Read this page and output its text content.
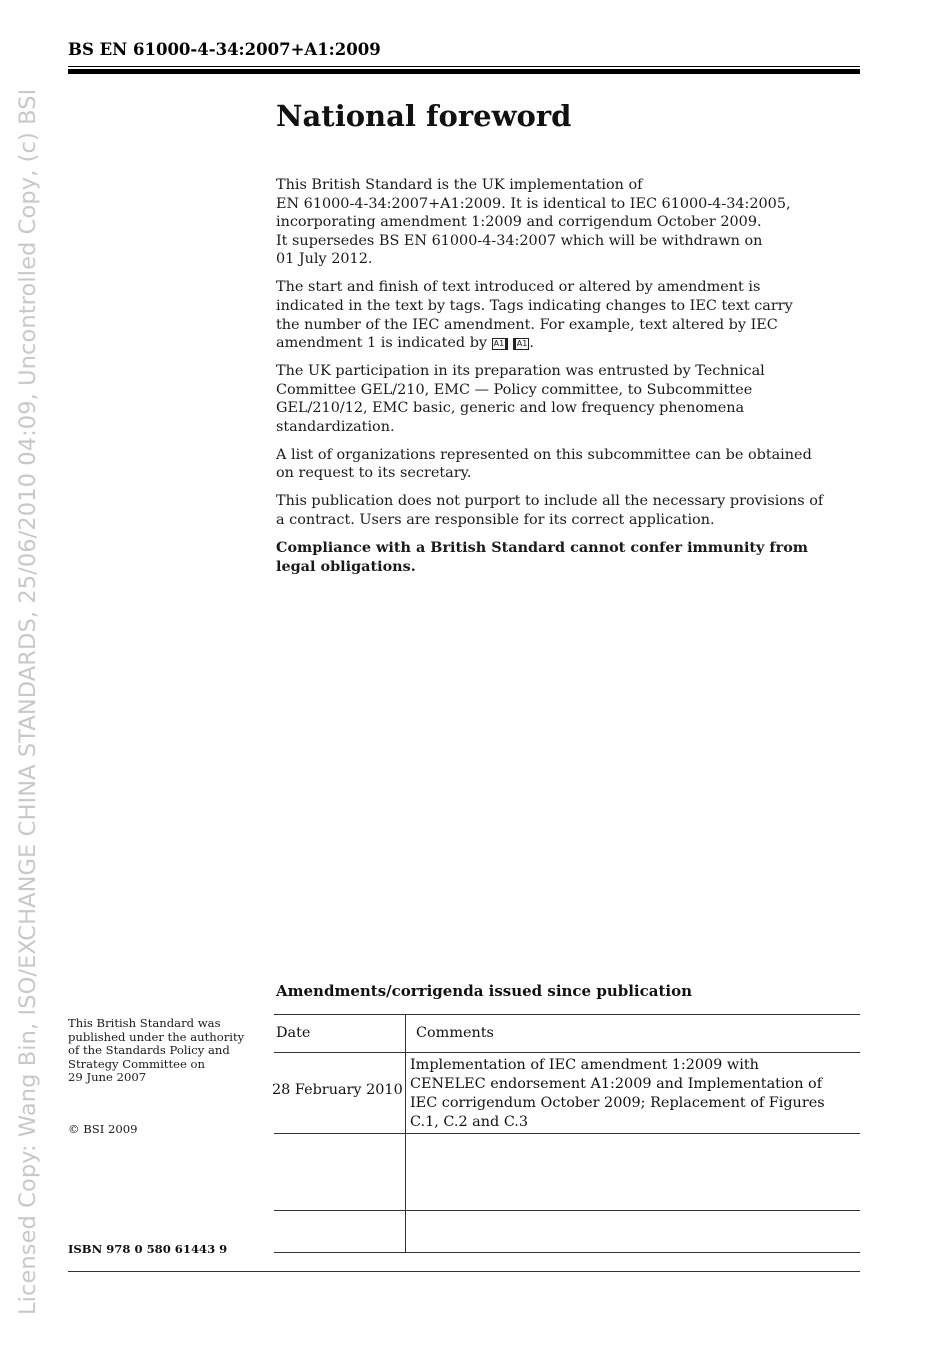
Licensed Copy: Wang Bin, ISO/EXCHANGE CHINA STANDARDS, 25/06/2010 04:09, Uncontrolled Copy, (c) BSI
BS EN 61000-4-34:2007+A1:2009
National foreword

This British Standard is the UK implementation of
EN 61000-4-34:2007+A1:2009. It is identical to IEC 61000-4-34:2005,
incorporating amendment 1:2009 and corrigendum October 2009.
It supersedes BS EN 61000-4-34:2007 which will be withdrawn on
01 July 2012.

The start and finish of text introduced or altered by amendment is
indicated in the text by tags. Tags indicating changes to IEC text carry
the number of the IEC amendment. For example, text altered by IEC
amendment 1 is indicated by A1 A1 .

The UK participation in its preparation was entrusted by Technical
Committee GEL/210, EMC — Policy committee, to Subcommittee
GEL/210/12, EMC basic, generic and low frequency phenomena
standardization.

A list of organizations represented on this subcommittee can be obtained
on request to its secretary.

This publication does not purport to include all the necessary provisions of
a contract. Users are responsible for its correct application.

Compliance with a British Standard cannot confer immunity from
legal obligations.

This British Standard was
published under the authority
of the Standards Policy and
Strategy Committee on
29 June 2007
© BSI 2009
ISBN 978 0 580 61443 9
Amendments/corrigenda issued since publication
Date	Comments
28 February 2010
Implementation of IEC amendment 1:2009 with
CENELEC endorsement A1:2009 and Implementation of
IEC corrigendum October 2009; Replacement of Figures
C.1, C.2 and C.3
